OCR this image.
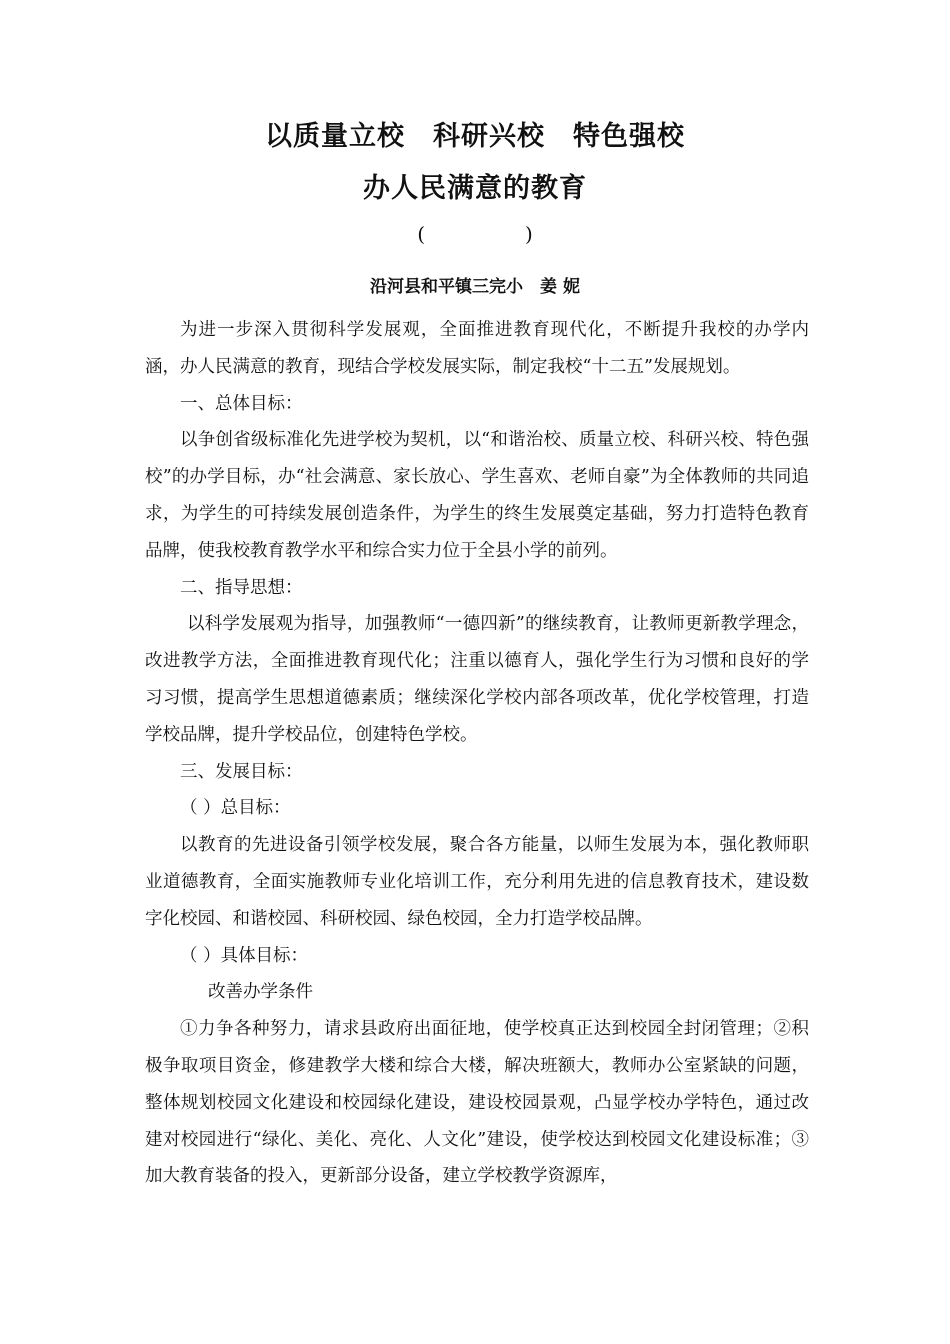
以质量立校　科研兴校　特色强校
办人民满意的教育
(　　　　　)
沿河县和平镇三完小　姜 妮

为进一步深入贯彻科学发展观，全面推进教育现代化，不断提升我校的办学内涵，办人民满意的教育，现结合学校发展实际，制定我校“十二五”发展规划。

一、总体目标：

以争创省级标准化先进学校为契机，以“和谐治校、质量立校、科研兴校、特色强校”的办学目标，办“社会满意、家长放心、学生喜欢、老师自豪”为全体教师的共同追求，为学生的可持续发展创造条件，为学生的终生发展奠定基础，努力打造特色教育品牌，使我校教育教学水平和综合实力位于全县小学的前列。

二、指导思想：

以科学发展观为指导，加强教师“一德四新”的继续教育，让教师更新教学理念，改进教学方法，全面推进教育现代化；注重以德育人，强化学生行为习惯和良好的学习习惯，提高学生思想道德素质；继续深化学校内部各项改革，优化学校管理，打造学校品牌，提升学校品位，创建特色学校。

三、发展目标：

（ ）总目标：

以教育的先进设备引领学校发展，聚合各方能量，以师生发展为本，强化教师职业道德教育，全面实施教师专业化培训工作，充分利用先进的信息教育技术，建设数字化校园、和谐校园、科研校园、绿色校园，全力打造学校品牌。

（ ）具体目标：

改善办学条件

①力争各种努力，请求县政府出面征地，使学校真正达到校园全封闭管理；②积极争取项目资金，修建教学大楼和综合大楼，解决班额大，教师办公室紧缺的问题，整体规划校园文化建设和校园绿化建设，建设校园景观，凸显学校办学特色，通过改建对校园进行“绿化、美化、亮化、人文化”建设，使学校达到校园文化建设标准；③加大教育装备的投入，更新部分设备，建立学校教学资源库，
